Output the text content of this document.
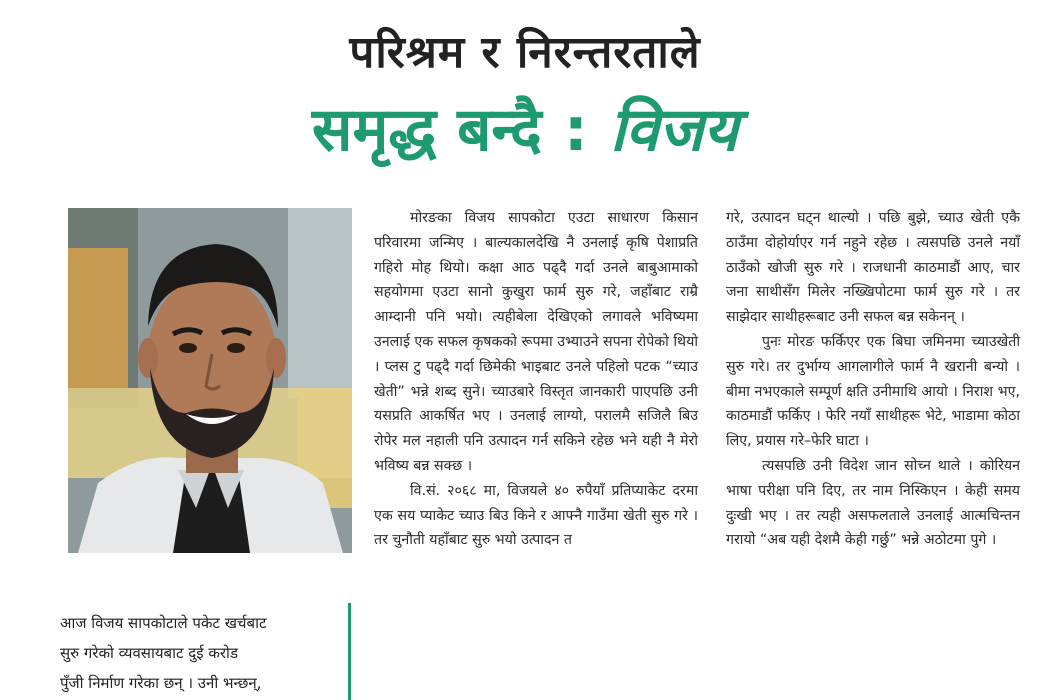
परिश्रम र निरन्तरताले
समृद्ध बन्दै : विजय

आज विजय सापकोटाले पकेट खर्चबाट

सुरु गरेको व्यवसायबाट दुई करोड

पुँजी निर्माण गरेका छन् । उनी भन्छन्,

मोरङका विजय सापकोटा एउटा साधारण किसान परिवारमा जन्मिए । बाल्यकालदेखि नै उनलाई कृषि पेशाप्रति गहिरो मोह थियो। कक्षा आठ पढ्दै गर्दा उनले बाबुआमाको सहयोगमा एउटा सानो कुखुरा फार्म सुरु गरे, जहाँबाट राम्रै आम्दानी पनि भयो। त्यहीबेला देखिएको लगावले भविष्यमा उनलाई एक सफल कृषकको रूपमा उभ्याउने सपना रोपेको थियो । प्लस टु पढ्दै गर्दा छिमेकी भाइबाट उनले पहिलो पटक “च्याउ खेती” भन्ने शब्द सुने। च्याउबारे विस्तृत जानकारी पाएपछि उनी यसप्रति आकर्षित भए । उनलाई लाग्यो, परालमै सजिलै बिउ रोपेर मल नहाली पनि उत्पादन गर्न सकिने रहेछ भने यही नै मेरो भविष्य बन्न सक्छ ।

वि.सं. २०६८ मा, विजयले ४० रुपैयाँ प्रतिप्याकेट दरमा एक सय प्याकेट च्याउ बिउ किने र आफ्नै गाउँमा खेती सुरु गरे । तर चुनौती यहाँबाट सुरु भयो उत्पादन त

गरे, उत्पादन घट्न थाल्यो । पछि बुझे, च्याउ खेती एकै ठाउँमा दोहोर्याएर गर्न नहुने रहेछ । त्यसपछि उनले नयाँ ठाउँको खोजी सुरु गरे । राजधानी काठमाडौं आए, चार जना साथीसँग मिलेर नख्खिपोटमा फार्म सुरु गरे । तर साझेदार साथीहरूबाट उनी सफल बन्न सकेनन् ।

पुनः मोरङ फर्किएर एक बिघा जमिनमा च्याउखेती सुरु गरे। तर दुर्भाग्य आगलागीले फार्म नै खरानी बन्यो । बीमा नभएकाले सम्पूर्ण क्षति उनीमाथि आयो । निराश भए, काठमाडौं फर्किए । फेरि नयाँ साथीहरू भेटे, भाडामा कोठा लिए, प्रयास गरे–फेरि घाटा ।

त्यसपछि उनी विदेश जान सोच्न थाले । कोरियन भाषा परीक्षा पनि दिए, तर नाम निस्किएन । केही समय दुःखी भए । तर त्यही असफलताले उनलाई आत्मचिन्तन गरायो “अब यही देशमै केही गर्छु” भन्ने अठोटमा पुगे ।
